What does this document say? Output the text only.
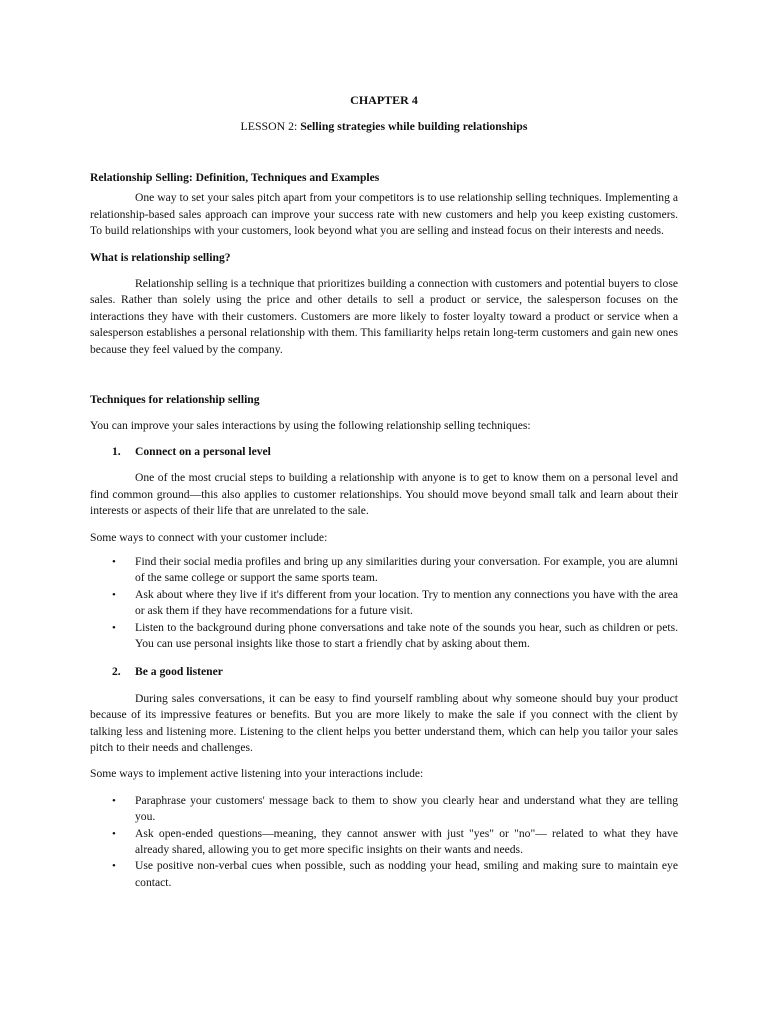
CHAPTER 4

LESSON 2: Selling strategies while building relationships

Relationship Selling: Definition, Techniques and Examples

One way to set your sales pitch apart from your competitors is to use relationship selling techniques. Implementing a relationship-based sales approach can improve your success rate with new customers and help you keep existing customers. To build relationships with your customers, look beyond what you are selling and instead focus on their interests and needs.

What is relationship selling?

Relationship selling is a technique that prioritizes building a connection with customers and potential buyers to close sales. Rather than solely using the price and other details to sell a product or service, the salesperson focuses on the interactions they have with their customers. Customers are more likely to foster loyalty toward a product or service when a salesperson establishes a personal relationship with them. This familiarity helps retain long-term customers and gain new ones because they feel valued by the company.

Techniques for relationship selling

You can improve your sales interactions by using the following relationship selling techniques:

1. Connect on a personal level

One of the most crucial steps to building a relationship with anyone is to get to know them on a personal level and find common ground—this also applies to customer relationships. You should move beyond small talk and learn about their interests or aspects of their life that are unrelated to the sale.

Some ways to connect with your customer include:

• Find their social media profiles and bring up any similarities during your conversation. For example, you are alumni of the same college or support the same sports team.
• Ask about where they live if it's different from your location. Try to mention any connections you have with the area or ask them if they have recommendations for a future visit.
• Listen to the background during phone conversations and take note of the sounds you hear, such as children or pets. You can use personal insights like those to start a friendly chat by asking about them.

2. Be a good listener

During sales conversations, it can be easy to find yourself rambling about why someone should buy your product because of its impressive features or benefits. But you are more likely to make the sale if you connect with the client by talking less and listening more. Listening to the client helps you better understand them, which can help you tailor your sales pitch to their needs and challenges.

Some ways to implement active listening into your interactions include:

• Paraphrase your customers' message back to them to show you clearly hear and understand what they are telling you.
• Ask open-ended questions—meaning, they cannot answer with just "yes" or "no"— related to what they have already shared, allowing you to get more specific insights on their wants and needs.
• Use positive non-verbal cues when possible, such as nodding your head, smiling and making sure to maintain eye contact.
